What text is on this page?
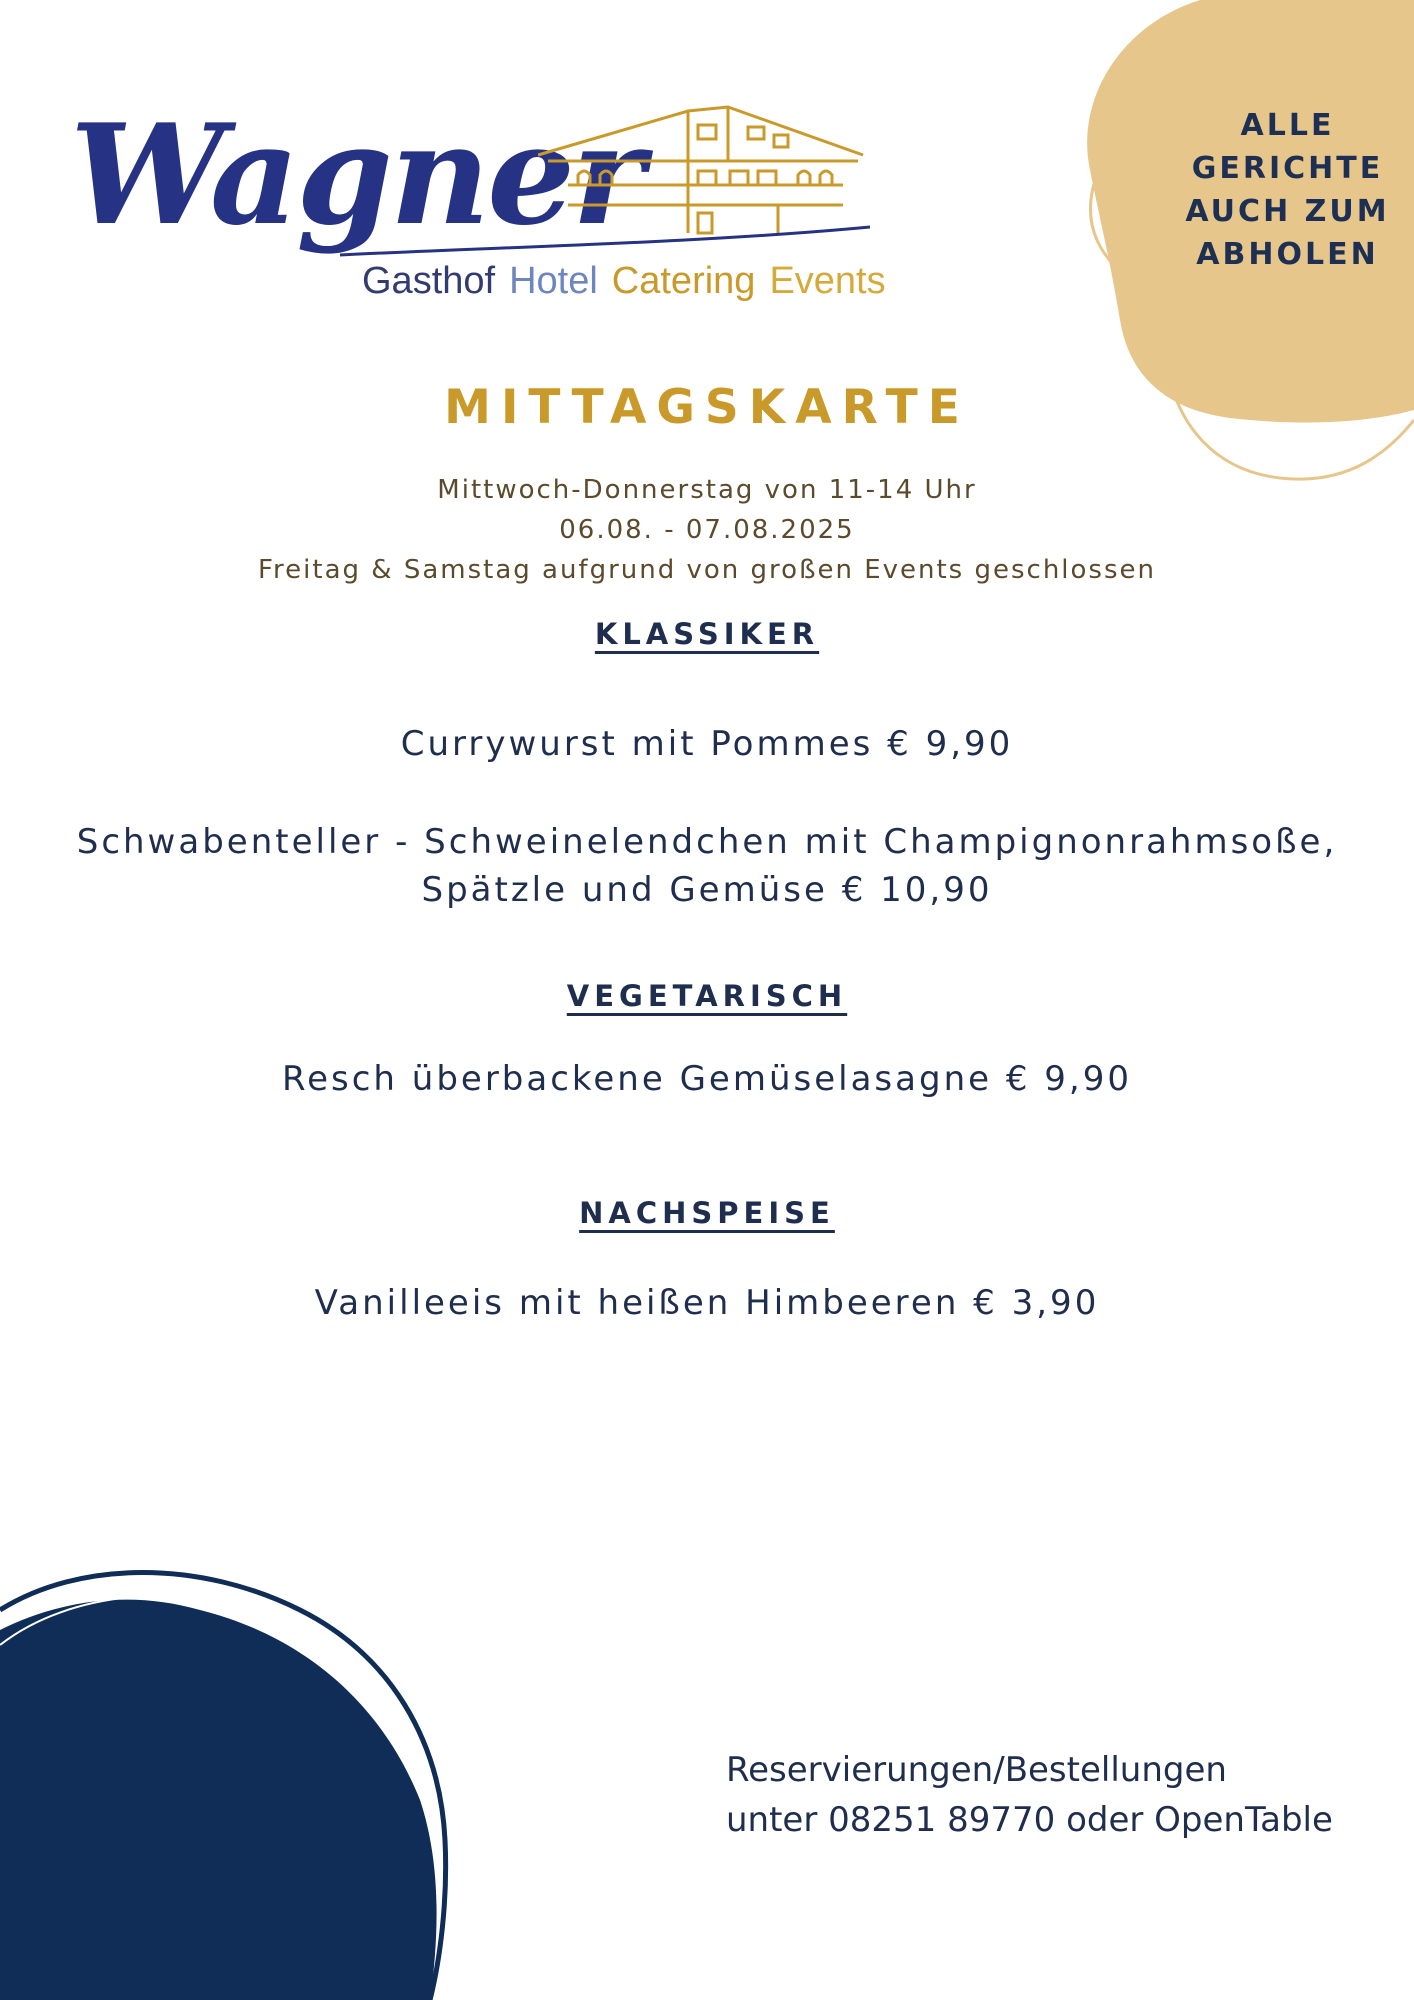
Wagner
Gasthof Hotel Catering Events
ALLE
GERICHTE
AUCH ZUM
ABHOLEN
MITTAGSKARTE
Mittwoch-Donnerstag von 11-14 Uhr
06.08. - 07.08.2025
Freitag & Samstag aufgrund von großen Events geschlossen
KLASSIKER
Currywurst mit Pommes € 9,90
Schwabenteller - Schweinelendchen mit Champignonrahmsoße,
Spätzle und Gemüse € 10,90
VEGETARISCH
Resch überbackene Gemüselasagne € 9,90
NACHSPEISE
Vanilleeis mit heißen Himbeeren € 3,90
Reservierungen/Bestellungen
unter 08251 89770 oder OpenTable
